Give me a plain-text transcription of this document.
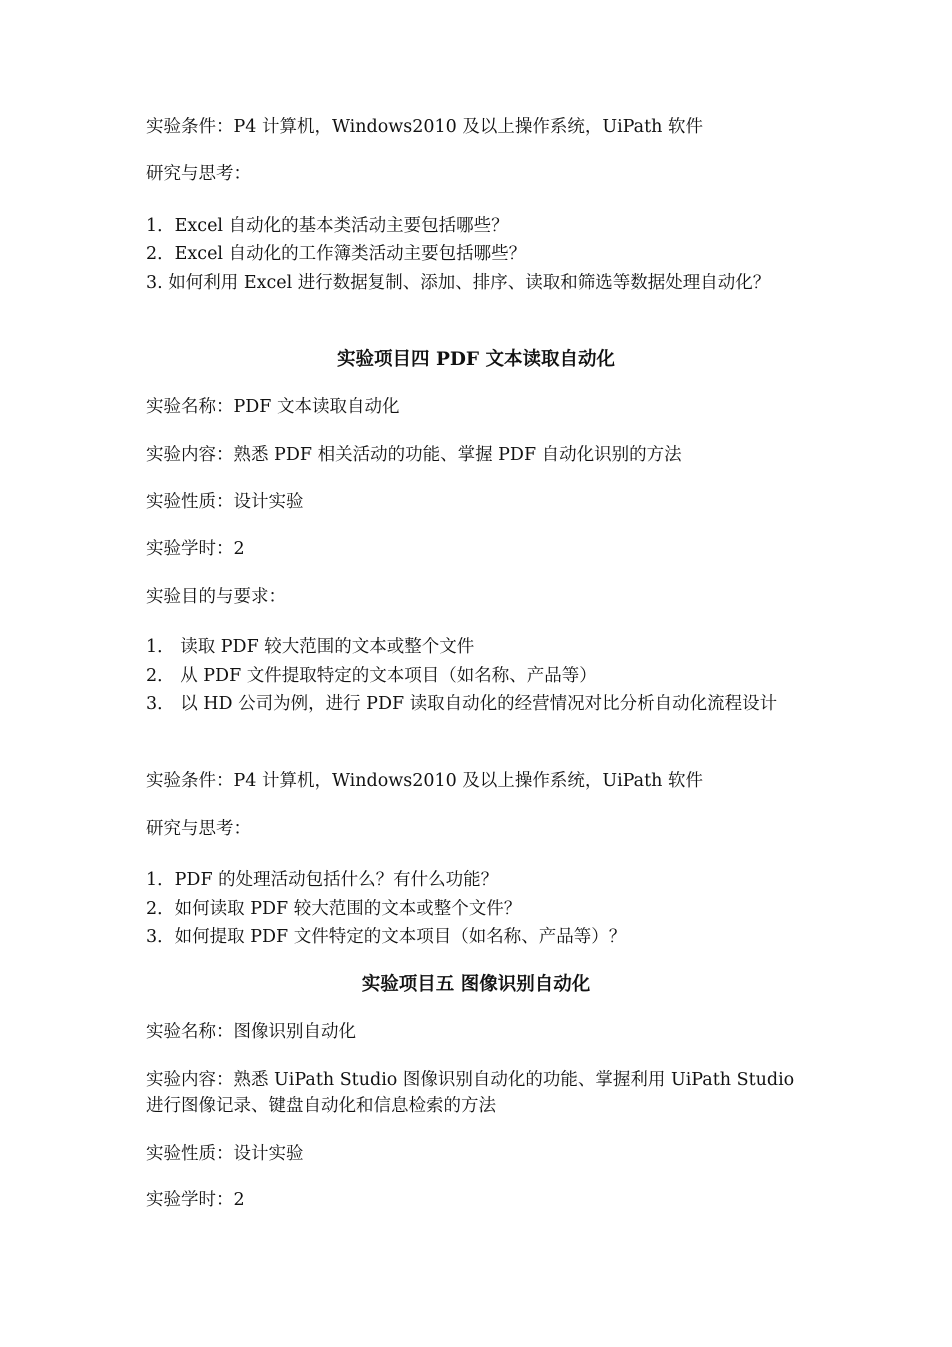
实验条件：P4 计算机，Windows2010 及以上操作系统，UiPath 软件

研究与思考：

1．Excel 自动化的基本类活动主要包括哪些？

2．Excel 自动化的工作簿类活动主要包括哪些？

3. 如何利用 Excel 进行数据复制、添加、排序、读取和筛选等数据处理自动化？

实验项目四 PDF 文本读取自动化

实验名称：PDF 文本读取自动化

实验内容：熟悉 PDF 相关活动的功能、掌握 PDF 自动化识别的方法

实验性质：设计实验

实验学时：2

实验目的与要求：

1． 读取 PDF 较大范围的文本或整个文件

2． 从 PDF 文件提取特定的文本项目（如名称、产品等）

3． 以 HD 公司为例，进行 PDF 读取自动化的经营情况对比分析自动化流程设计

实验条件：P4 计算机，Windows2010 及以上操作系统，UiPath 软件

研究与思考：

1．PDF 的处理活动包括什么？有什么功能？

2．如何读取 PDF 较大范围的文本或整个文件？

3．如何提取 PDF 文件特定的文本项目（如名称、产品等）？

实验项目五 图像识别自动化

实验名称：图像识别自动化

实验内容：熟悉 UiPath Studio 图像识别自动化的功能、掌握利用 UiPath Studio 进行图像记录、键盘自动化和信息检索的方法

实验性质：设计实验

实验学时：2
